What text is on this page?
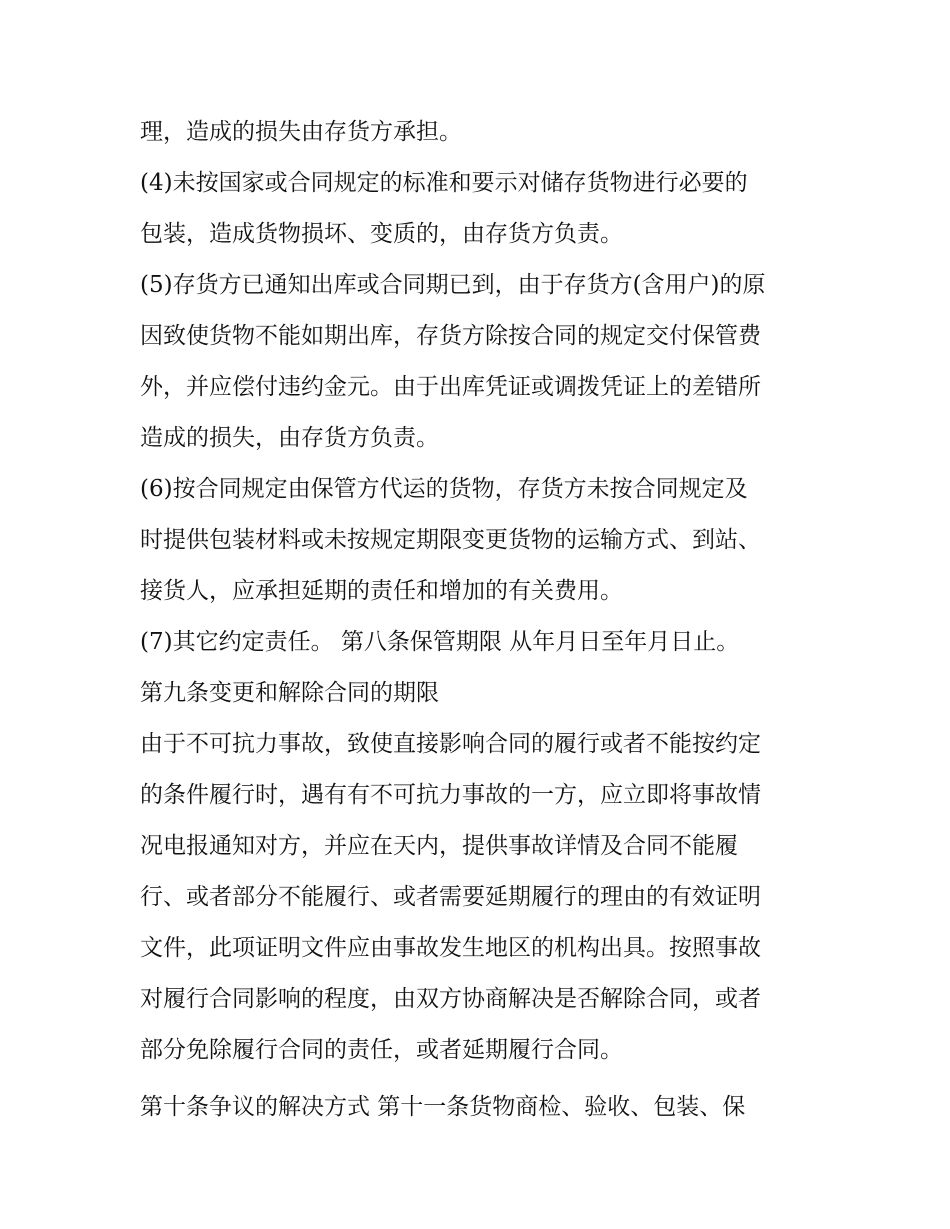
理，造成的损失由存货方承担。
(4)未按国家或合同规定的标准和要示对储存货物进行必要的
包装，造成货物损坏、变质的，由存货方负责。
(5)存货方已通知出库或合同期已到，由于存货方(含用户)的原
因致使货物不能如期出库，存货方除按合同的规定交付保管费
外，并应偿付违约金元。由于出库凭证或调拨凭证上的差错所
造成的损失，由存货方负责。
(6)按合同规定由保管方代运的货物，存货方未按合同规定及
时提供包装材料或未按规定期限变更货物的运输方式、到站、
接货人，应承担延期的责任和增加的有关费用。
(7)其它约定责任。 第八条保管期限 从年月日至年月日止。
第九条变更和解除合同的期限
由于不可抗力事故，致使直接影响合同的履行或者不能按约定
的条件履行时，遇有有不可抗力事故的一方，应立即将事故情
况电报通知对方，并应在天内，提供事故详情及合同不能履
行、或者部分不能履行、或者需要延期履行的理由的有效证明
文件，此项证明文件应由事故发生地区的机构出具。按照事故
对履行合同影响的程度，由双方协商解决是否解除合同，或者
部分免除履行合同的责任，或者延期履行合同。
第十条争议的解决方式 第十一条货物商检、验收、包装、保
